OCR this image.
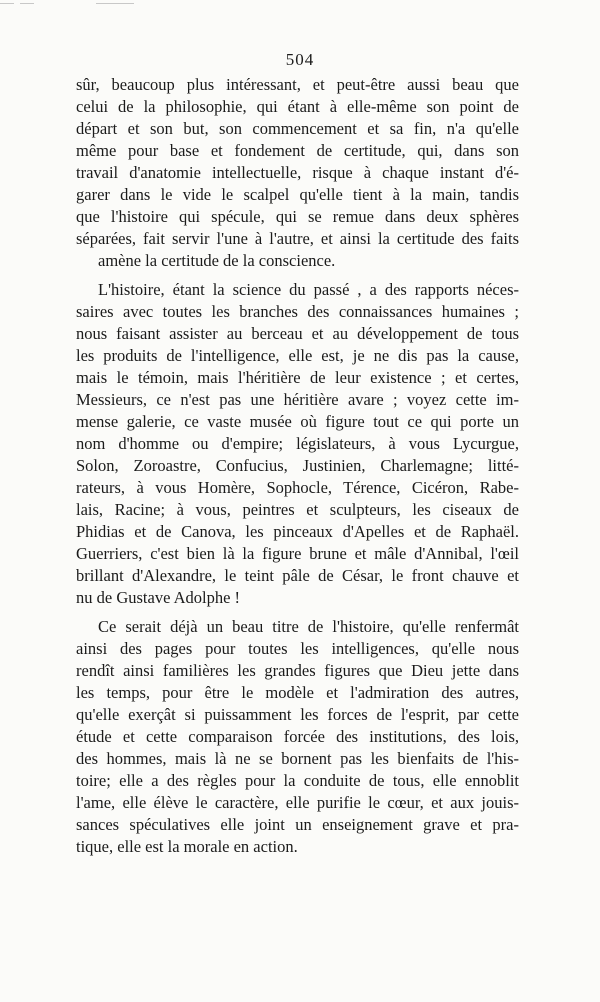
504
sûr, beaucoup plus intéressant, et peut-être aussi beau que
celui de la philosophie, qui étant à elle-même son point de
départ et son but, son commencement et sa fin, n'a qu'elle
même pour base et fondement de certitude, qui, dans son
travail d'anatomie intellectuelle, risque à chaque instant d'é-
garer dans le vide le scalpel qu'elle tient à la main, tandis
que l'histoire qui spécule, qui se remue dans deux sphères
séparées, fait servir l'une à l'autre, et ainsi la certitude des faits
amène la certitude de la conscience.
L'histoire, étant la science du passé , a des rapports néces-
saires avec toutes les branches des connaissances humaines ;
nous faisant assister au berceau et au développement de tous
les produits de l'intelligence, elle est, je ne dis pas la cause,
mais le témoin, mais l'héritière de leur existence ; et certes,
Messieurs, ce n'est pas une héritière avare ; voyez cette im-
mense galerie, ce vaste musée où figure tout ce qui porte un
nom d'homme ou d'empire; législateurs, à vous Lycurgue,
Solon, Zoroastre, Confucius, Justinien, Charlemagne; litté-
rateurs, à vous Homère, Sophocle, Térence, Cicéron, Rabe-
lais, Racine; à vous, peintres et sculpteurs, les ciseaux de
Phidias et de Canova, les pinceaux d'Apelles et de Raphaël.
Guerriers, c'est bien là la figure brune et mâle d'Annibal, l'œil
brillant d'Alexandre, le teint pâle de César, le front chauve et
nu de Gustave Adolphe !
Ce serait déjà un beau titre de l'histoire, qu'elle renfermât
ainsi des pages pour toutes les intelligences, qu'elle nous
rendît ainsi familières les grandes figures que Dieu jette dans
les temps, pour être le modèle et l'admiration des autres,
qu'elle exerçât si puissamment les forces de l'esprit, par cette
étude et cette comparaison forcée des institutions, des lois,
des hommes, mais là ne se bornent pas les bienfaits de l'his-
toire; elle a des règles pour la conduite de tous, elle ennoblit
l'ame, elle élève le caractère, elle purifie le cœur, et aux jouis-
sances spéculatives elle joint un enseignement grave et pra-
tique, elle est la morale en action.
